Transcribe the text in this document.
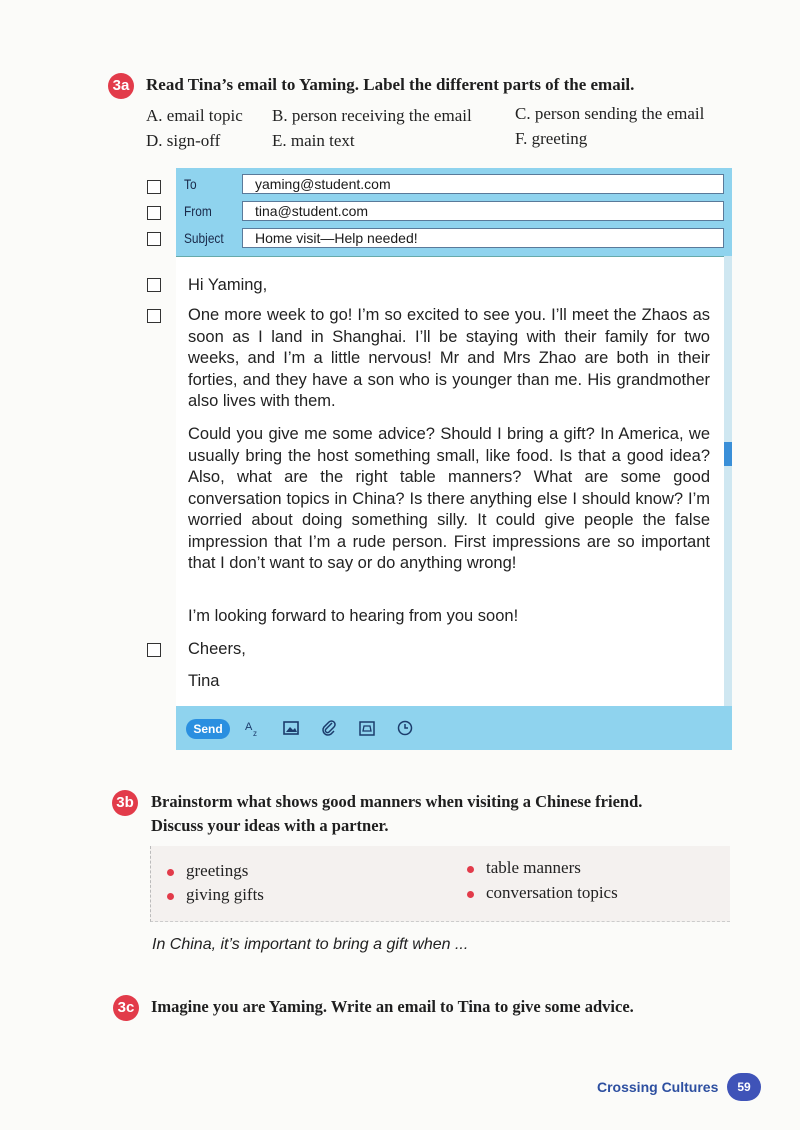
3a Read Tina’s email to Yaming. Label the different parts of the email.
A. email topic B. person receiving the email	C. person sending the email
D. sign-off	E. main text	F. greeting
To	yaming@student.com
From	tina@student.com
Subject	Home visit—Help needed!
Hi Yaming,
One more week to go! I’m so excited to see you. I’ll meet the Zhaos as soon as I land in Shanghai. I’ll be staying with their family for two weeks, and I’m a little nervous! Mr and Mrs Zhao are both in their forties, and they have a son who is younger than me. His grandmother also lives with them.
Could you give me some advice? Should I bring a gift? In America, we usually bring the host something small, like food. Is that a good idea? Also, what are the right table manners? What are some good conversation topics in China? Is there anything else I should know? I’m worried about doing something silly. It could give people the false impression that I’m a rude person. First impressions are so important that I don’t want to say or do anything wrong!
I’m looking forward to hearing from you soon!
Cheers,
Tina
Send	A
z
3b Brainstorm what shows good manners when visiting a Chinese friend.
Discuss your ideas with a partner.
greetings
giving gifts
table manners
conversation topics
In China, it’s important to bring a gift when ...
3c Imagine you are Yaming. Write an email to Tina to give some advice.
Crossing Cultures	59
